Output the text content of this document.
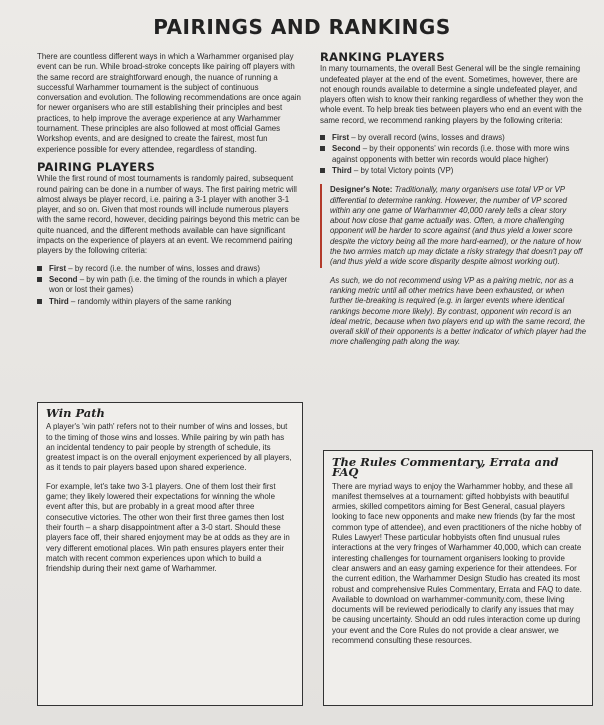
PAIRINGS AND RANKINGS

There are countless different ways in which a Warhammer organised play event can be run. While broad-stroke concepts like pairing off players with the same record are straightforward enough, the nuance of running a successful Warhammer tournament is the subject of continuous conversation and evolution. The following recommendations are once again for newer organisers who are still establishing their principles and best practices, to help improve the average experience at any Warhammer tournament. These principles are also followed at most official Games Workshop events, and are designed to create the fairest, most fun experience possible for every attendee, regardless of standing.

PAIRING PLAYERS

While the first round of most tournaments is randomly paired, subsequent round pairing can be done in a number of ways. The first pairing metric will almost always be player record, i.e. pairing a 3-1 player with another 3-1 player, and so on. Given that most rounds will include numerous players with the same record, however, deciding pairings beyond this metric can be quite nuanced, and the different methods available can have significant impacts on the experience of players at an event. We recommend pairing players by the following criteria:

First – by record (i.e. the number of wins, losses and draws)
Second – by win path (i.e. the timing of the rounds in which a player won or lost their games)
Third – randomly within players of the same ranking
Win Path

A player's 'win path' refers not to their number of wins and losses, but to the timing of those wins and losses. While pairing by win path has an incidental tendency to pair people by strength of schedule, its greatest impact is on the overall enjoyment experienced by all players, as it tends to pair players based upon shared experience.

For example, let's take two 3-1 players. One of them lost their first game; they likely lowered their expectations for winning the whole event after this, but are probably in a great mood after three consecutive victories. The other won their first three games then lost their fourth – a sharp disappointment after a 3-0 start. Should these players face off, their shared enjoyment may be at odds as they are in very different emotional places. Win path ensures players enter their match with recent common experiences upon which to build a friendship during their next game of Warhammer.

RANKING PLAYERS

In many tournaments, the overall Best General will be the single remaining undefeated player at the end of the event. Sometimes, however, there are not enough rounds available to determine a single undefeated player, and players often wish to know their ranking regardless of whether they won the whole event. To help break ties between players who end an event with the same record, we recommend ranking players by the following criteria:

First – by overall record (wins, losses and draws)
Second – by their opponents' win records (i.e. those with more wins against opponents with better win records would place higher)
Third – by total Victory points (VP)
Designer's Note: Traditionally, many organisers use total VP or VP differential to determine ranking. However, the number of VP scored within any one game of Warhammer 40,000 rarely tells a clear story about how close that game actually was. Often, a more challenging opponent will be harder to score against (and thus yield a lower score despite the victory being all the more hard-earned), or the nature of how the two armies match up may dictate a risky strategy that doesn't pay off (and thus yield a wide score disparity despite almost working out).

As such, we do not recommend using VP as a pairing metric, nor as a ranking metric until all other metrics have been exhausted, or when further tie-breaking is required (e.g. in larger events where identical rankings become more likely). By contrast, opponent win record is an ideal metric, because when two players end up with the same record, the overall skill of their opponents is a better indicator of which player had the more challenging path along the way.

The Rules Commentary, Errata and FAQ

There are myriad ways to enjoy the Warhammer hobby, and these all manifest themselves at a tournament: gifted hobbyists with beautiful armies, skilled competitors aiming for Best General, casual players looking to face new opponents and make new friends (by far the most common type of attendee), and even practitioners of the niche hobby of Rules Lawyer! These particular hobbyists often find unusual rules interactions at the very fringes of Warhammer 40,000, which can create interesting challenges for tournament organisers looking to provide clear answers and an easy gaming experience for their attendees. For the current edition, the Warhammer Design Studio has created its most robust and comprehensive Rules Commentary, Errata and FAQ to date. Available to download on warhammer-community.com, these living documents will be reviewed periodically to clarify any issues that may be causing uncertainty. Should an odd rules interaction come up during your event and the Core Rules do not provide a clear answer, we recommend consulting these resources.
